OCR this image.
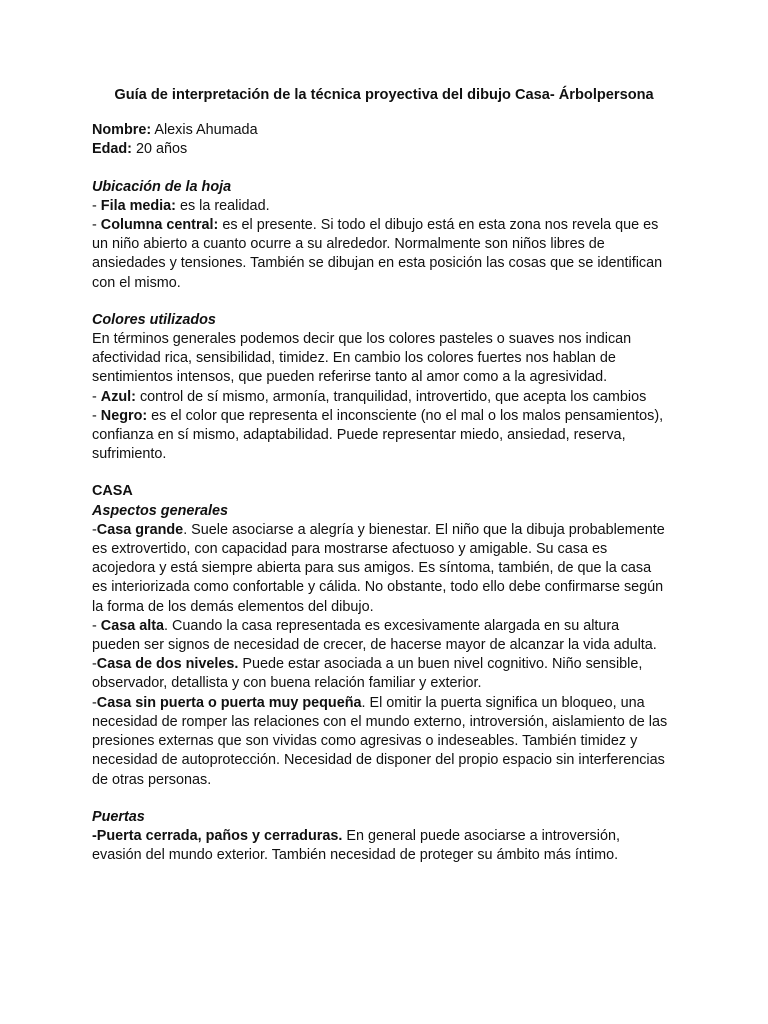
Guía de interpretación de la técnica proyectiva del dibujo Casa- Árbolpersona

Nombre: Alexis Ahumada

Edad: 20 años

Ubicación de la hoja

- Fila media: es la realidad.

- Columna central: es el presente. Si todo el dibujo está en esta zona nos revela que es un niño abierto a cuanto ocurre a su alrededor. Normalmente son niños libres de ansiedades y tensiones. También se dibujan en esta posición las cosas que se identifican con el mismo.

Colores utilizados

En términos generales podemos decir que los colores pasteles o suaves nos indican afectividad rica, sensibilidad, timidez. En cambio los colores fuertes nos hablan de sentimientos intensos, que pueden referirse tanto al amor como a la agresividad.

- Azul: control de sí mismo, armonía, tranquilidad, introvertido, que acepta los cambios

- Negro: es el color que representa el inconsciente (no el mal o los malos pensamientos), confianza en sí mismo, adaptabilidad. Puede representar miedo, ansiedad, reserva, sufrimiento.

CASA

Aspectos generales

-Casa grande. Suele asociarse a alegría y bienestar. El niño que la dibuja probablemente es extrovertido, con capacidad para mostrarse afectuoso y amigable. Su casa es acojedora y está siempre abierta para sus amigos. Es síntoma, también, de que la casa es interiorizada como confortable y cálida. No obstante, todo ello debe confirmarse según la forma de los demás elementos del dibujo.

- Casa alta. Cuando la casa representada es excesivamente alargada en su altura pueden ser signos de necesidad de crecer, de hacerse mayor de alcanzar la vida adulta.

-Casa de dos niveles. Puede estar asociada a un buen nivel cognitivo. Niño sensible, observador, detallista y con buena relación familiar y exterior.

-Casa sin puerta o puerta muy pequeña. El omitir la puerta significa un bloqueo, una necesidad de romper las relaciones con el mundo externo, introversión, aislamiento de las presiones externas que son vividas como agresivas o indeseables. También timidez y necesidad de autoprotección. Necesidad de disponer del propio espacio sin interferencias de otras personas.

Puertas

-Puerta cerrada, paños y cerraduras. En general puede asociarse a introversión, evasión del mundo exterior. También necesidad de proteger su ámbito más íntimo.
